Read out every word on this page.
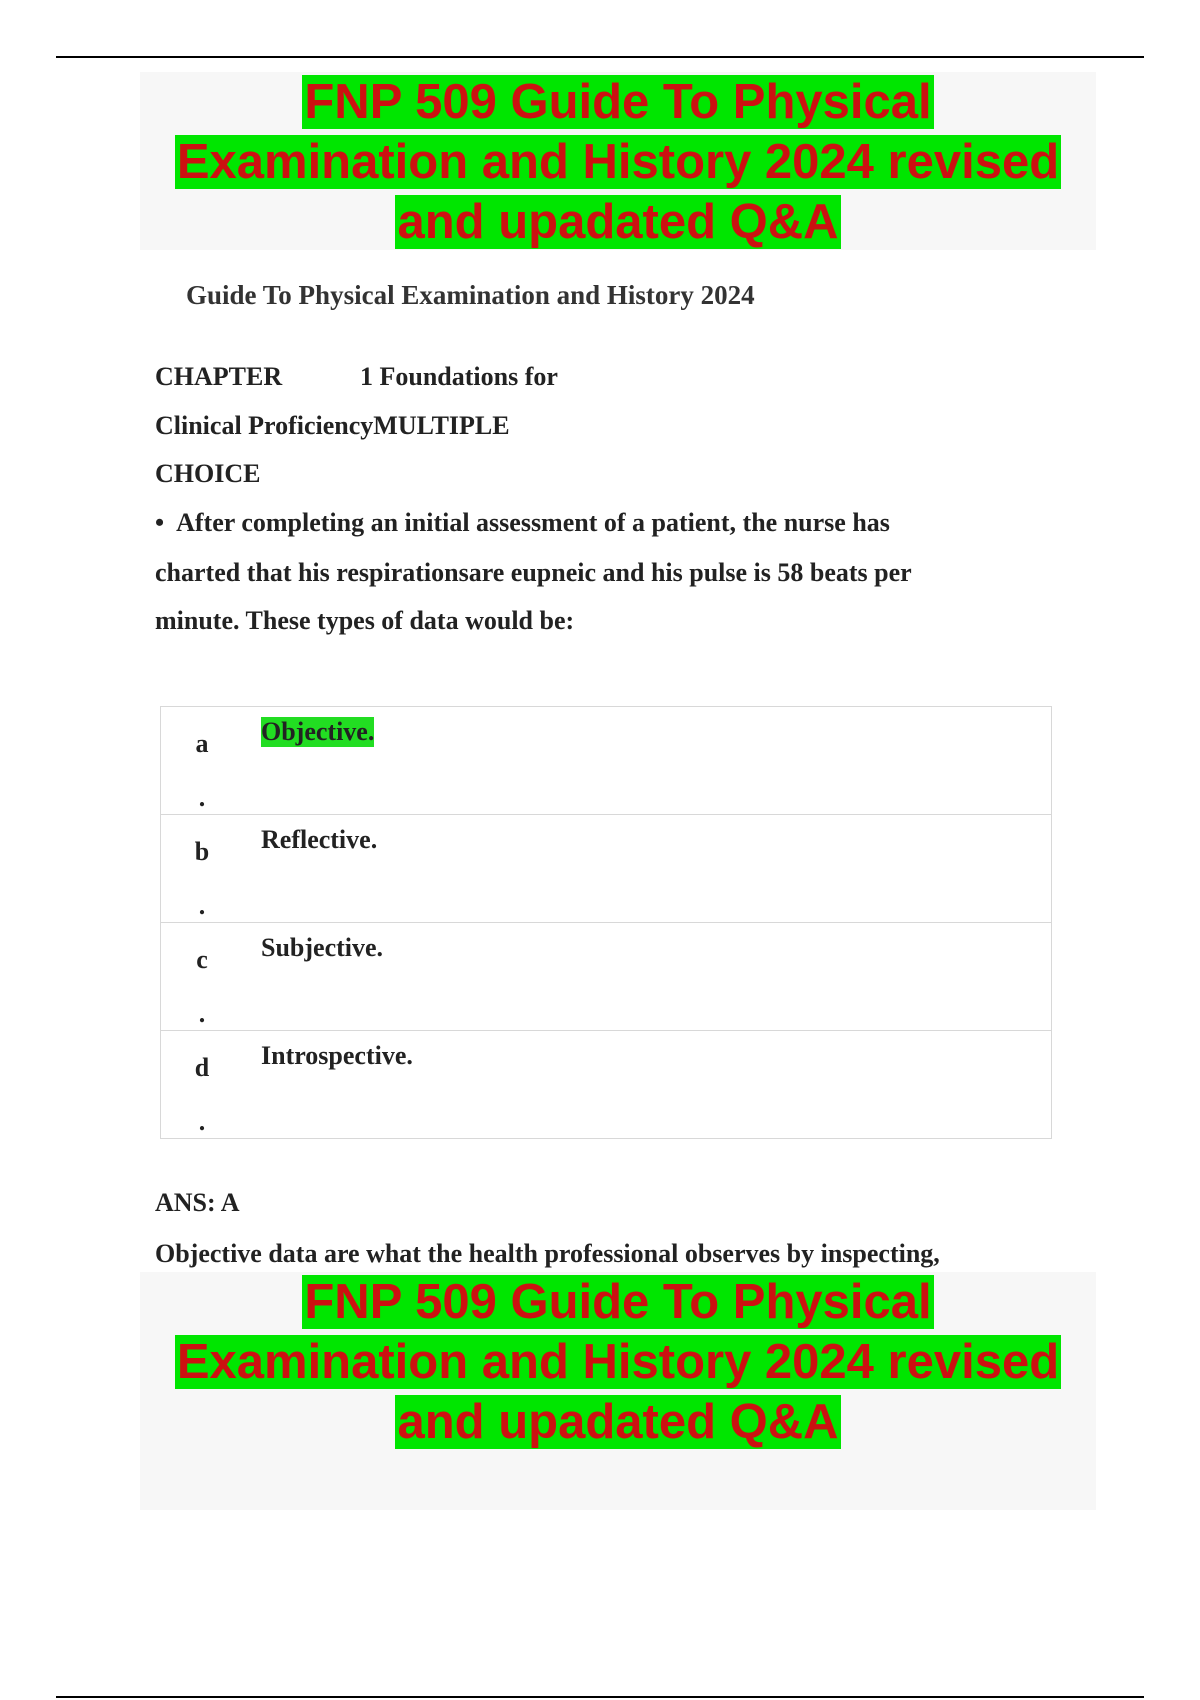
FNP 509 Guide To Physical
Examination and History 2024 revised
and upadated Q&A
Guide To Physical Examination and History 2024
CHAPTER	1 Foundations for
Clinical ProficiencyMULTIPLE
CHOICE
• After completing an initial assessment of a patient, the nurse has
charted that his respirationsare eupneic and his pulse is 58 beats per
minute. These types of data would be:
a
.
Objective.
b
.
Reflective.
c
.
Subjective.
d
.
Introspective.
ANS: A
Objective data are what the health professional observes by inspecting,
FNP 509 Guide To Physical
Examination and History 2024 revised
and upadated Q&A
